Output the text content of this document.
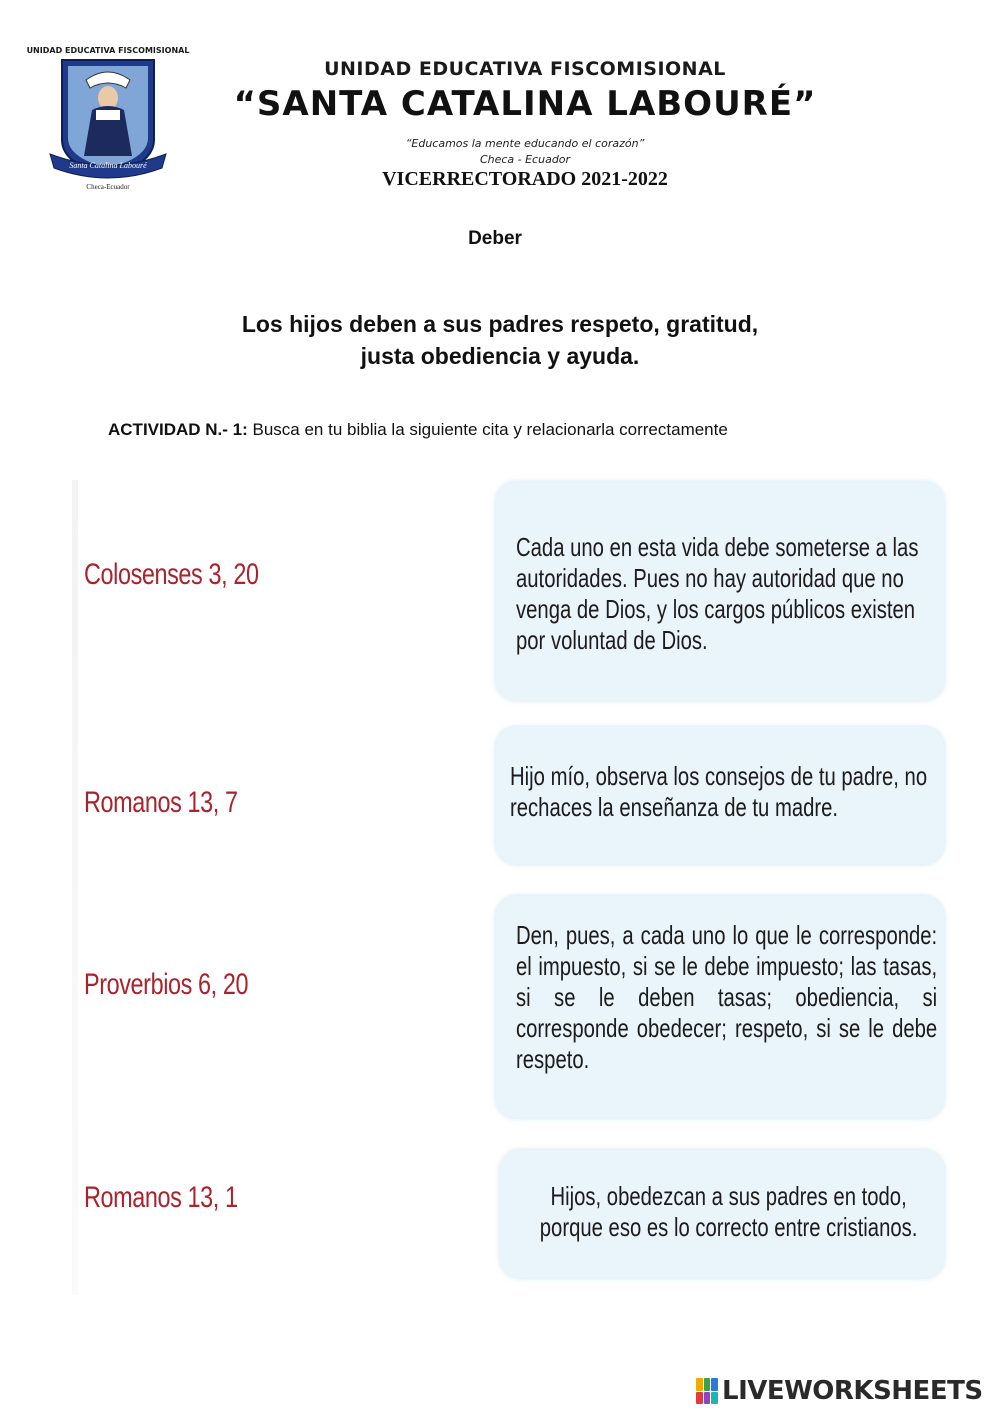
UNIDAD EDUCATIVA FISCOMISIONAL
Santa Catalina Labouré
Checa-Ecuador
UNIDAD EDUCATIVA FISCOMISIONAL
“SANTA CATALINA LABOURÉ”
“Educamos la mente educando el corazón”
Checa - Ecuador
VICERRECTORADO 2021-2022
Deber
Los hijos deben a sus padres respeto, gratitud,
justa obediencia y ayuda.
ACTIVIDAD N.- 1: Busca en tu biblia la siguiente cita y relacionarla correctamente
Colosenses 3, 20
Romanos 13, 7
Proverbios 6, 20
Romanos 13, 1
Cada uno en esta vida debe someterse a las autoridades. Pues no hay autoridad que no venga de Dios, y los cargos públicos existen por voluntad de Dios.
Hijo mío, observa los consejos de tu padre, no rechaces la enseñanza de tu madre.
Den, pues, a cada uno lo que le corresponde: el impuesto, si se le debe impuesto; las tasas, si se le deben tasas; obediencia, si corresponde obedecer; respeto, si se le debe respeto.
Hijos, obedezcan a sus padres en todo, porque eso es lo correcto entre cristianos.
LIVEWORKSHEETS
